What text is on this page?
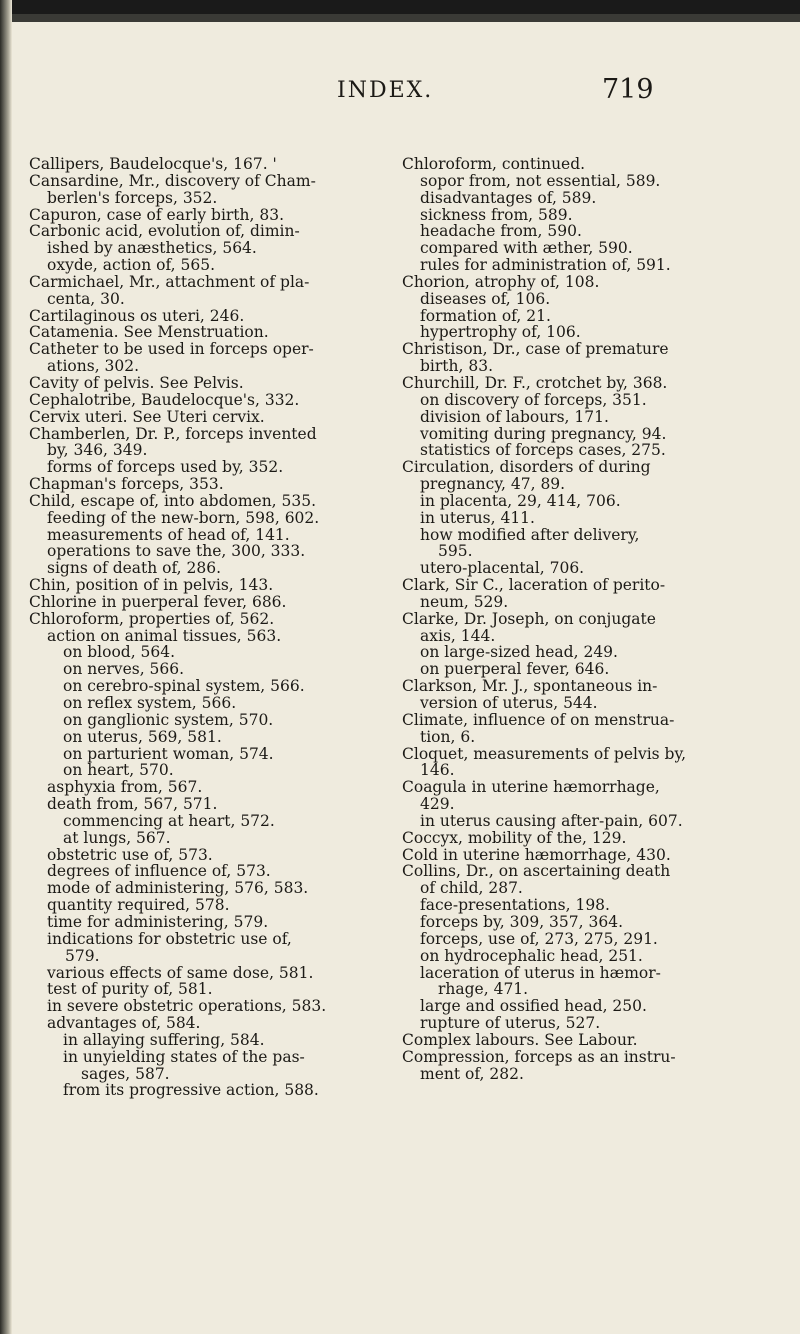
INDEX.	719
Callipers, Baudelocque's, 167. '
Cansardine, Mr., discovery of Cham-
berlen's forceps, 352.
Capuron, case of early birth, 83.
Carbonic acid, evolution of, dimin-
ished by anæsthetics, 564.
oxyde, action of, 565.
Carmichael, Mr., attachment of pla-
centa, 30.
Cartilaginous os uteri, 246.
Catamenia. See Menstruation.
Catheter to be used in forceps oper-
ations, 302.
Cavity of pelvis. See Pelvis.
Cephalotribe, Baudelocque's, 332.
Cervix uteri. See Uteri cervix.
Chamberlen, Dr. P., forceps invented
by, 346, 349.
forms of forceps used by, 352.
Chapman's forceps, 353.
Child, escape of, into abdomen, 535.
feeding of the new-born, 598, 602.
measurements of head of, 141.
operations to save the, 300, 333.
signs of death of, 286.
Chin, position of in pelvis, 143.
Chlorine in puerperal fever, 686.
Chloroform, properties of, 562.
action on animal tissues, 563.
on blood, 564.
on nerves, 566.
on cerebro-spinal system, 566.
on reflex system, 566.
on ganglionic system, 570.
on uterus, 569, 581.
on parturient woman, 574.
on heart, 570.
asphyxia from, 567.
death from, 567, 571.
commencing at heart, 572.
at lungs, 567.
obstetric use of, 573.
degrees of influence of, 573.
mode of administering, 576, 583.
quantity required, 578.
time for administering, 579.
indications for obstetric use of,
579.
various effects of same dose, 581.
test of purity of, 581.
in severe obstetric operations, 583.
advantages of, 584.
in allaying suffering, 584.
in unyielding states of the pas-
sages, 587.
from its progressive action, 588.
Chloroform, continued.
sopor from, not essential, 589.
disadvantages of, 589.
sickness from, 589.
headache from, 590.
compared with æther, 590.
rules for administration of, 591.
Chorion, atrophy of, 108.
diseases of, 106.
formation of, 21.
hypertrophy of, 106.
Christison, Dr., case of premature
birth, 83.
Churchill, Dr. F., crotchet by, 368.
on discovery of forceps, 351.
division of labours, 171.
vomiting during pregnancy, 94.
statistics of forceps cases, 275.
Circulation, disorders of during
pregnancy, 47, 89.
in placenta, 29, 414, 706.
in uterus, 411.
how modified after delivery,
595.
utero-placental, 706.
Clark, Sir C., laceration of perito-
neum, 529.
Clarke, Dr. Joseph, on conjugate
axis, 144.
on large-sized head, 249.
on puerperal fever, 646.
Clarkson, Mr. J., spontaneous in-
version of uterus, 544.
Climate, influence of on menstrua-
tion, 6.
Cloquet, measurements of pelvis by,
146.
Coagula in uterine hæmorrhage,
429.
in uterus causing after-pain, 607.
Coccyx, mobility of the, 129.
Cold in uterine hæmorrhage, 430.
Collins, Dr., on ascertaining death
of child, 287.
face-presentations, 198.
forceps by, 309, 357, 364.
forceps, use of, 273, 275, 291.
on hydrocephalic head, 251.
laceration of uterus in hæmor-
rhage, 471.
large and ossified head, 250.
rupture of uterus, 527.
Complex labours. See Labour.
Compression, forceps as an instru-
ment of, 282.
